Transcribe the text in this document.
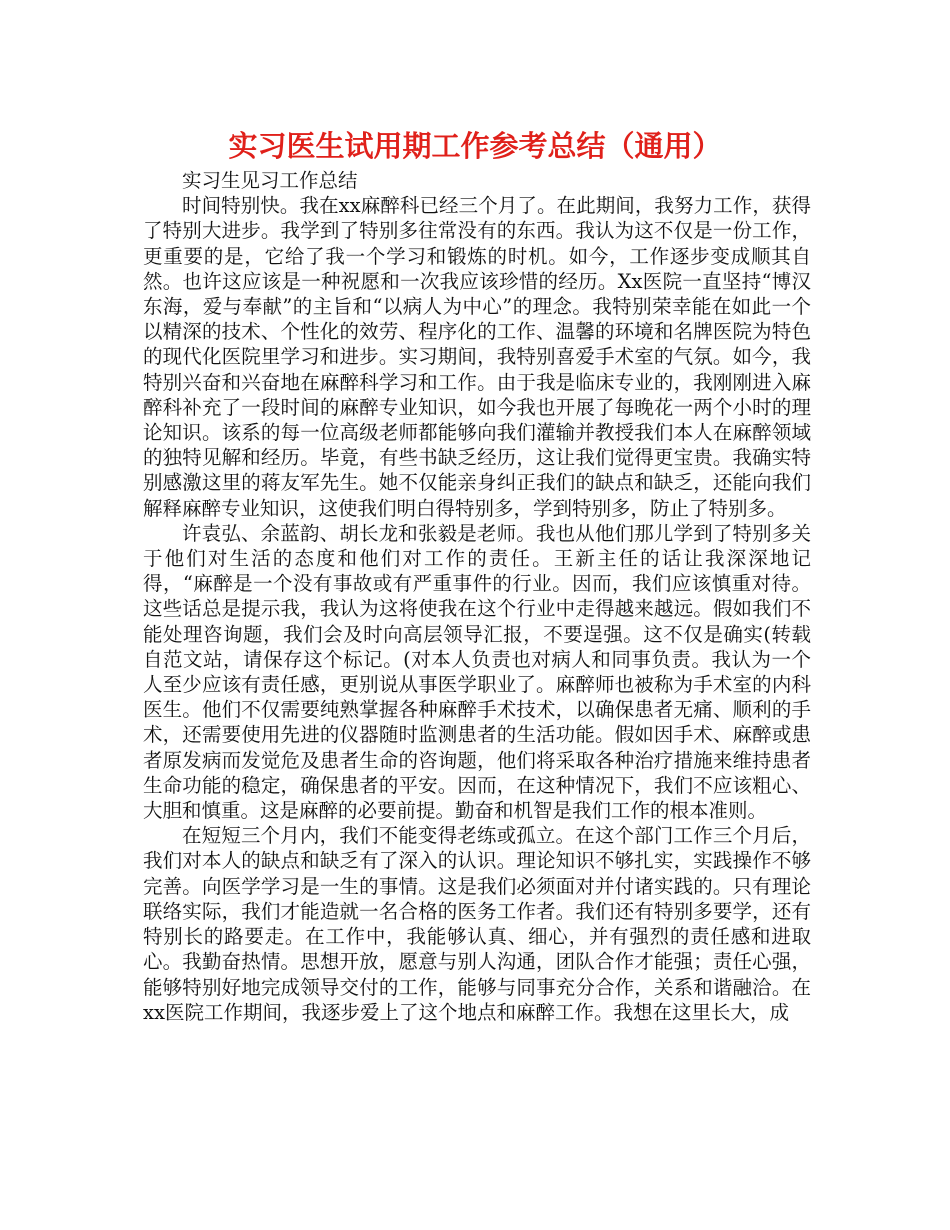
实习医生试用期工作参考总结（通用）

实习生见习工作总结

时间特别快。我在xx麻醉科已经三个月了。在此期间，我努力工作，获得了特别大进步。我学到了特别多往常没有的东西。我认为这不仅是一份工作，更重要的是，它给了我一个学习和锻炼的时机。如今，工作逐步变成顺其自然。也许这应该是一种祝愿和一次我应该珍惜的经历。Xx医院一直坚持“博汉东海，爱与奉献”的主旨和“以病人为中心”的理念。我特别荣幸能在如此一个以精深的技术、个性化的效劳、程序化的工作、温馨的环境和名牌医院为特色的现代化医院里学习和进步。实习期间，我特别喜爱手术室的气氛。如今，我特别兴奋和兴奋地在麻醉科学习和工作。由于我是临床专业的，我刚刚进入麻醉科补充了一段时间的麻醉专业知识，如今我也开展了每晚花一两个小时的理论知识。该系的每一位高级老师都能够向我们灌输并教授我们本人在麻醉领域的独特见解和经历。毕竟，有些书缺乏经历，这让我们觉得更宝贵。我确实特别感激这里的蒋友军先生。她不仅能亲身纠正我们的缺点和缺乏，还能向我们解释麻醉专业知识，这使我们明白得特别多，学到特别多，防止了特别多。

许袁弘、余蓝韵、胡长龙和张毅是老师。我也从他们那儿学到了特别多关于他们对生活的态度和他们对工作的责任。王新主任的话让我深深地记得，“麻醉是一个没有事故或有严重事件的行业。因而，我们应该慎重对待。这些话总是提示我，我认为这将使我在这个行业中走得越来越远。假如我们不能处理咨询题，我们会及时向高层领导汇报，不要逞强。这不仅是确实(转载自范文站，请保存这个标记。(对本人负责也对病人和同事负责。我认为一个人至少应该有责任感，更别说从事医学职业了。麻醉师也被称为手术室的内科医生。他们不仅需要纯熟掌握各种麻醉手术技术，以确保患者无痛、顺利的手术，还需要使用先进的仪器随时监测患者的生活功能。假如因手术、麻醉或患者原发病而发觉危及患者生命的咨询题，他们将采取各种治疗措施来维持患者生命功能的稳定，确保患者的平安。因而，在这种情况下，我们不应该粗心、大胆和慎重。这是麻醉的必要前提。勤奋和机智是我们工作的根本准则。

在短短三个月内，我们不能变得老练或孤立。在这个部门工作三个月后，我们对本人的缺点和缺乏有了深入的认识。理论知识不够扎实，实践操作不够完善。向医学学习是一生的事情。这是我们必须面对并付诸实践的。只有理论联络实际，我们才能造就一名合格的医务工作者。我们还有特别多要学，还有特别长的路要走。在工作中，我能够认真、细心，并有强烈的责任感和进取心。我勤奋热情。思想开放，愿意与别人沟通，团队合作才能强；责任心强，能够特别好地完成领导交付的工作，能够与同事充分合作，关系和谐融洽。在xx医院工作期间，我逐步爱上了这个地点和麻醉工作。我想在这里长大，成
